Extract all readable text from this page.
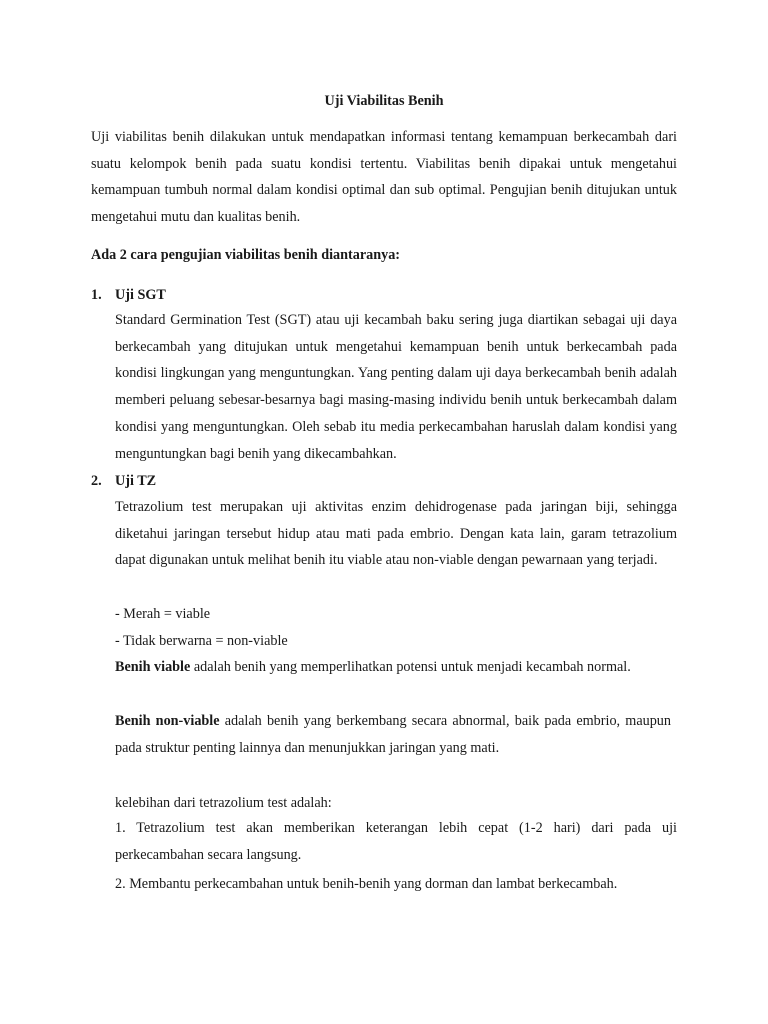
Uji Viabilitas Benih

Uji viabilitas benih dilakukan untuk mendapatkan informasi tentang kemampuan berkecambah dari suatu kelompok benih pada suatu kondisi tertentu. Viabilitas benih dipakai untuk mengetahui kemampuan tumbuh normal dalam kondisi optimal dan sub optimal. Pengujian benih ditujukan untuk mengetahui mutu dan kualitas benih.

Ada 2 cara pengujian viabilitas benih diantaranya:
1. Uji SGT

Standard Germination Test (SGT) atau uji kecambah baku sering juga diartikan sebagai uji daya berkecambah yang ditujukan untuk mengetahui kemampuan benih untuk berkecambah pada kondisi lingkungan yang menguntungkan. Yang penting dalam uji daya berkecambah benih adalah memberi peluang sebesar-besarnya bagi masing-masing individu benih untuk berkecambah dalam kondisi yang menguntungkan. Oleh sebab itu media perkecambahan haruslah dalam kondisi yang menguntungkan bagi benih yang dikecambahkan.

2. Uji TZ

Tetrazolium test merupakan uji aktivitas enzim dehidrogenase pada jaringan biji, sehingga diketahui jaringan tersebut hidup atau mati pada embrio. Dengan kata lain, garam tetrazolium dapat digunakan untuk melihat benih itu viable atau non-viable dengan pewarnaan yang terjadi.

- Merah = viable
- Tidak berwarna = non-viable

Benih viable adalah benih yang memperlihatkan potensi untuk menjadi kecambah normal.

Benih non-viable adalah benih yang berkembang secara abnormal, baik pada embrio, maupun pada struktur penting lainnya dan menunjukkan jaringan yang mati.

kelebihan dari tetrazolium test adalah:

1. Tetrazolium test akan memberikan keterangan lebih cepat (1-2 hari) dari pada uji perkecambahan secara langsung.

2. Membantu perkecambahan untuk benih-benih yang dorman dan lambat berkecambah.
